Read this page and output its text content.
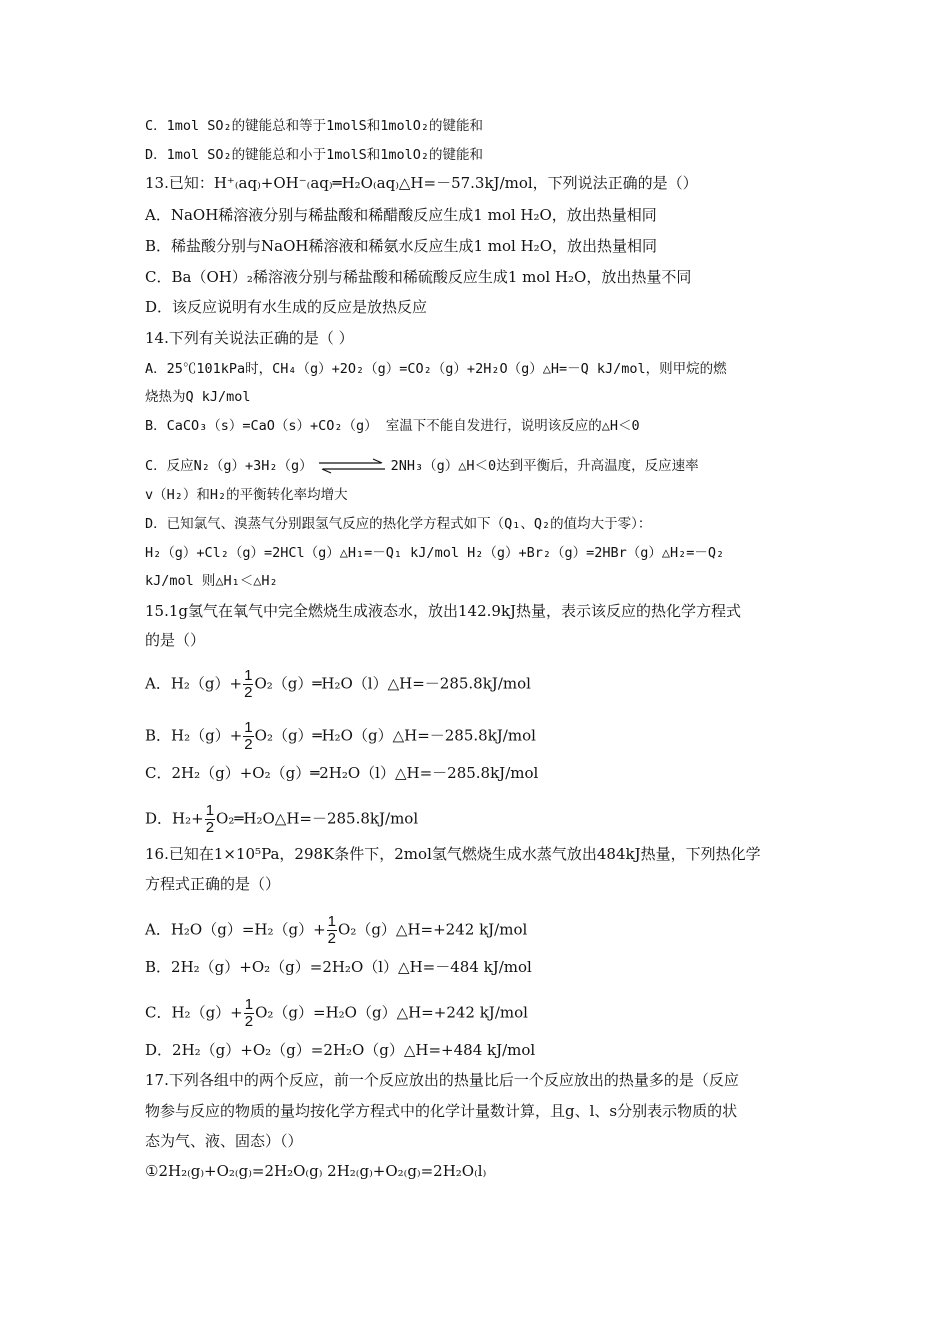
C．1mol SO₂的键能总和等于1molS和1molO₂的键能和
D．1mol SO₂的键能总和小于1molS和1molO₂的键能和
13.已知：H⁺₍aq₎+OH⁻₍aq₎═H₂O₍aq₎△H=－57.3kJ/mol，下列说法正确的是（）
A．NaOH稀溶液分别与稀盐酸和稀醋酸反应生成1 mol H₂O，放出热量相同
B．稀盐酸分别与NaOH稀溶液和稀氨水反应生成1 mol H₂O，放出热量相同
C．Ba（OH）₂稀溶液分别与稀盐酸和稀硫酸反应生成1 mol H₂O，放出热量不同
D．该反应说明有水生成的反应是放热反应
14.下列有关说法正确的是（ ）
A．25℃101kPa时，CH₄（g）+2O₂（g）=CO₂（g）+2H₂O（g）△H=－Q kJ/mol，则甲烷的燃
烧热为Q kJ/mol
B．CaCO₃（s）=CaO（s）+CO₂（g） 室温下不能自发进行，说明该反应的△H＜0
C．反应N₂（g）+3H₂（g）	2NH₃（g）△H＜0达到平衡后，升高温度，反应速率
v（H₂）和H₂的平衡转化率均增大
D．已知氯气、溴蒸气分别跟氢气反应的热化学方程式如下（Q₁、Q₂的值均大于零）：
H₂（g）+Cl₂（g）=2HCl（g）△H₁=－Q₁ kJ/mol H₂（g）+Br₂（g）=2HBr（g）△H₂=－Q₂
kJ/mol 则△H₁＜△H₂
15.1g氢气在氧气中完全燃烧生成液态水，放出142.9kJ热量，表示该反应的热化学方程式
的是（）
A．$H_2(g)+ \frac{1}{2}$ O₂（g）═H₂O（l）△H=－285.8kJ/mol
B．$H_2(g)+ \frac{1}{2}$ O₂（g）═H₂O（g）△H=－285.8kJ/mol
C．2H₂（g）+O₂（g）═2H₂O（l）△H=－285.8kJ/mol
D．$H_2+ \frac{1}{2}$ O₂═H₂O△H=－285.8kJ/mol
16.已知在1×10⁵Pa，298K条件下，2mol氢气燃烧生成水蒸气放出484kJ热量，下列热化学
方程式正确的是（）
A．$H_2O(g)=H_2(g)+ \frac{1}{2}$ O₂（g）△H=+242 kJ/mol
B．2H₂（g）+O₂（g）=2H₂O（l）△H=－484 kJ/mol
C．$H_2(g)+ \frac{1}{2}$ O₂（g）=H₂O（g）△H=+242 kJ/mol
D．2H₂（g）+O₂（g）=2H₂O（g）△H=+484 kJ/mol
17.下列各组中的两个反应，前一个反应放出的热量比后一个反应放出的热量多的是（反应
物参与反应的物质的量均按化学方程式中的化学计量数计算，且g、l、s分别表示物质的状
态为气、液、固态）（）
①2H₂₍g₎+O₂₍g₎=2H₂O₍g₎ 2H₂₍g₎+O₂₍g₎=2H₂O₍l₎
